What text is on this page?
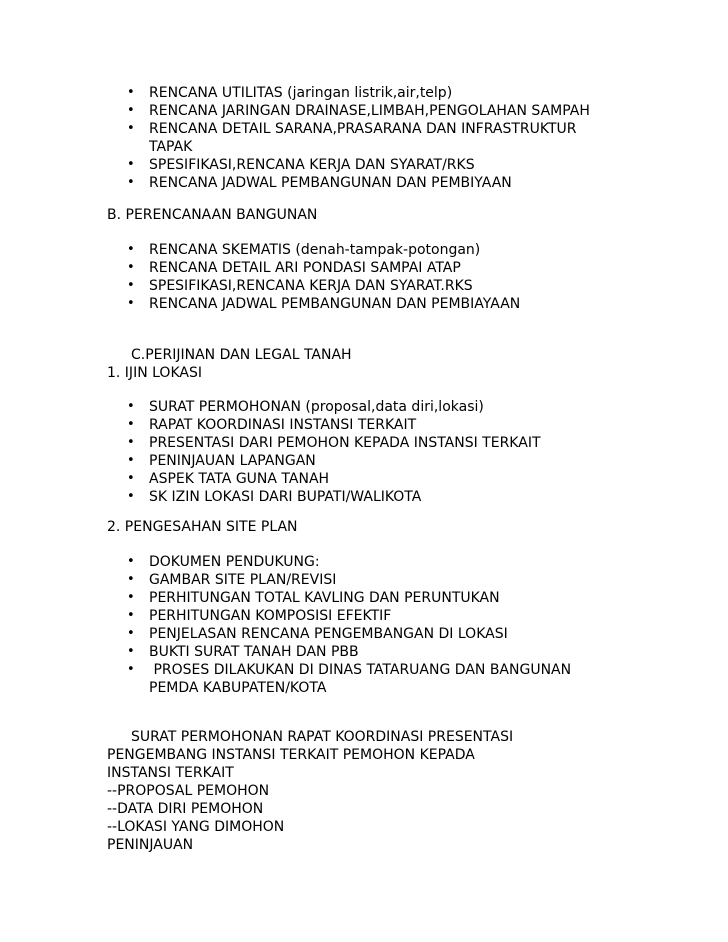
• RENCANA UTILITAS (jaringan listrik,air,telp)
• RENCANA JARINGAN DRAINASE,LIMBAH,PENGOLAHAN SAMPAH
• RENCANA DETAIL SARANA,PRASARANA DAN INFRASTRUKTUR
TAPAK
• SPESIFIKASI,RENCANA KERJA DAN SYARAT/RKS
• RENCANA JADWAL PEMBANGUNAN DAN PEMBIYAAN
B. PERENCANAAN BANGUNAN
• RENCANA SKEMATIS (denah-tampak-potongan)
• RENCANA DETAIL ARI PONDASI SAMPAI ATAP
• SPESIFIKASI,RENCANA KERJA DAN SYARAT.RKS
• RENCANA JADWAL PEMBANGUNAN DAN PEMBIAYAAN
C.PERIJINAN DAN LEGAL TANAH
1. IJIN LOKASI
• SURAT PERMOHONAN (proposal,data diri,lokasi)
• RAPAT KOORDINASI INSTANSI TERKAIT
• PRESENTASI DARI PEMOHON KEPADA INSTANSI TERKAIT
• PENINJAUAN LAPANGAN
• ASPEK TATA GUNA TANAH
• SK IZIN LOKASI DARI BUPATI/WALIKOTA
2. PENGESAHAN SITE PLAN
• DOKUMEN PENDUKUNG:
• GAMBAR SITE PLAN/REVISI
• PERHITUNGAN TOTAL KAVLING DAN PERUNTUKAN
• PERHITUNGAN KOMPOSISI EFEKTIF
• PENJELASAN RENCANA PENGEMBANGAN DI LOKASI
• BUKTI SURAT TANAH DAN PBB
• PROSES DILAKUKAN DI DINAS TATARUANG DAN BANGUNAN
PEMDA KABUPATEN/KOTA
SURAT PERMOHONAN RAPAT KOORDINASI PRESENTASI
PENGEMBANG INSTANSI TERKAIT PEMOHON KEPADA
INSTANSI TERKAIT
--PROPOSAL PEMOHON
--DATA DIRI PEMOHON
--LOKASI YANG DIMOHON
PENINJAUAN
